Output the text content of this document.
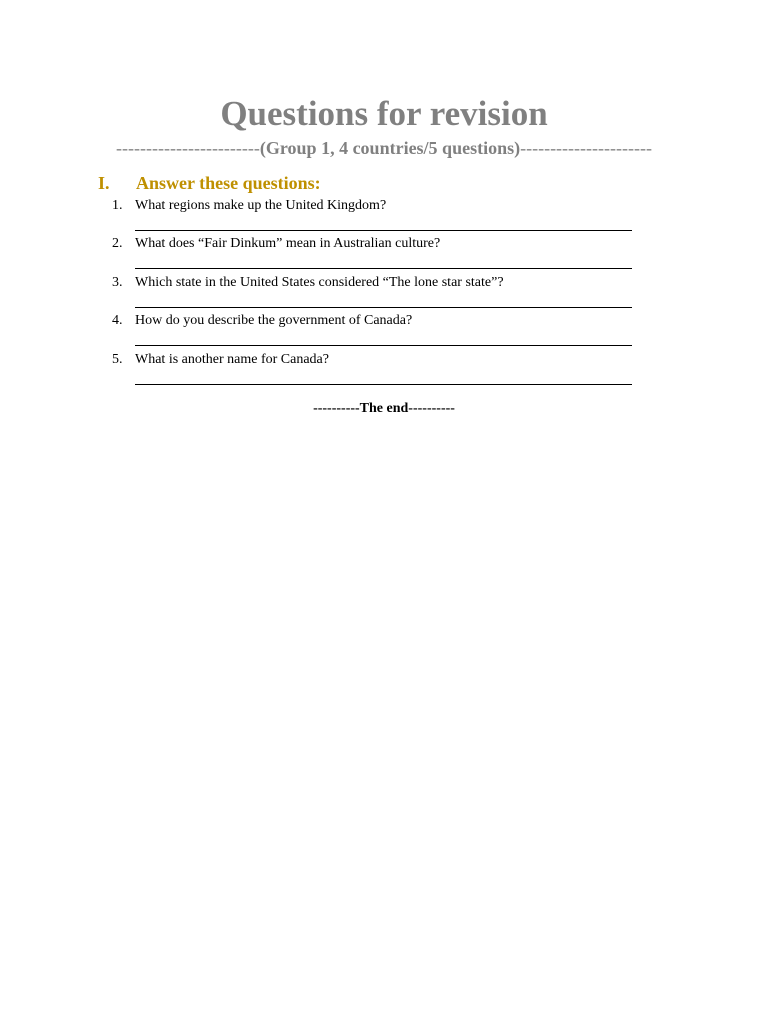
Questions for revision
------------------------(Group 1, 4 countries/5 questions)----------------------
I. Answer these questions:
1. What regions make up the United Kingdom?
2. What does “Fair Dinkum” mean in Australian culture?
3. Which state in the United States considered “The lone star state”?
4. How do you describe the government of Canada?
5. What is another name for Canada?
----------The end----------
